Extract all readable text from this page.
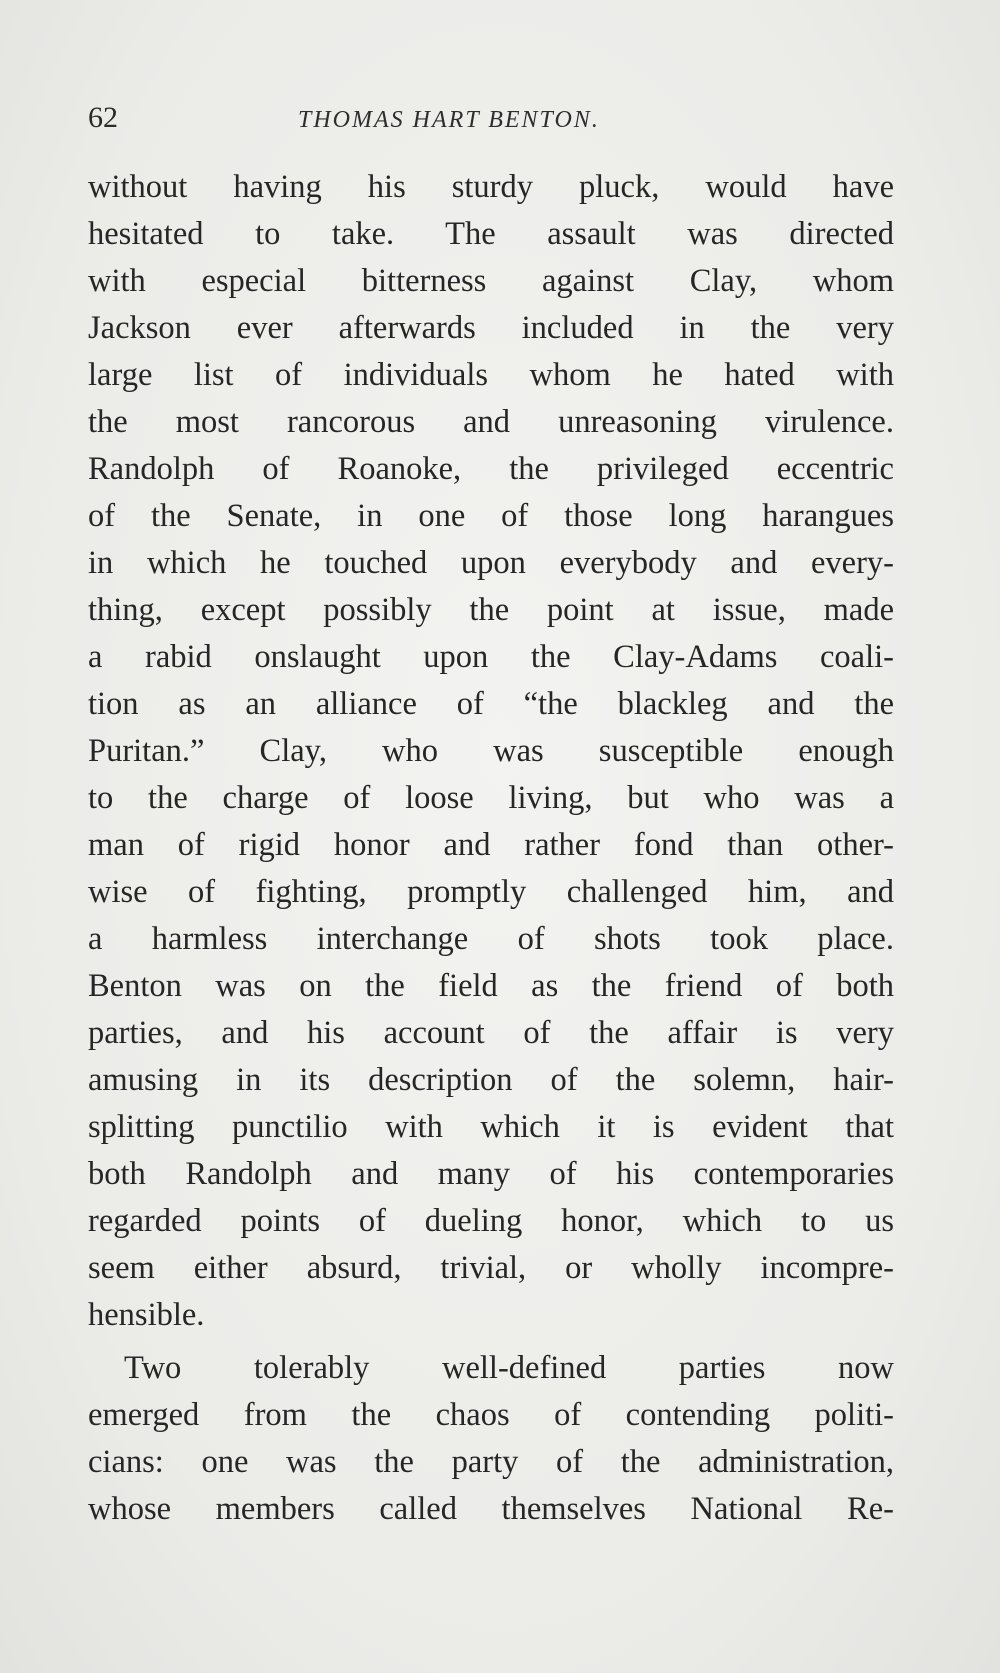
62	THOMAS HART BENTON.
without having his sturdy pluck, would have
hesitated to take. The assault was directed
with especial bitterness against Clay, whom
Jackson ever afterwards included in the very
large list of individuals whom he hated with
the most rancorous and unreasoning virulence.
Randolph of Roanoke, the privileged eccentric
of the Senate, in one of those long harangues
in which he touched upon everybody and every-
thing, except possibly the point at issue, made
a rabid onslaught upon the Clay-Adams coali-
tion as an alliance of “the blackleg and the
Puritan.” Clay, who was susceptible enough
to the charge of loose living, but who was a
man of rigid honor and rather fond than other-
wise of fighting, promptly challenged him, and
a harmless interchange of shots took place.
Benton was on the field as the friend of both
parties, and his account of the affair is very
amusing in its description of the solemn, hair-
splitting punctilio with which it is evident that
both Randolph and many of his contemporaries
regarded points of dueling honor, which to us
seem either absurd, trivial, or wholly incompre-
hensible.
Two tolerably well-defined parties now
emerged from the chaos of contending politi-
cians: one was the party of the administration,
whose members called themselves National Re-
